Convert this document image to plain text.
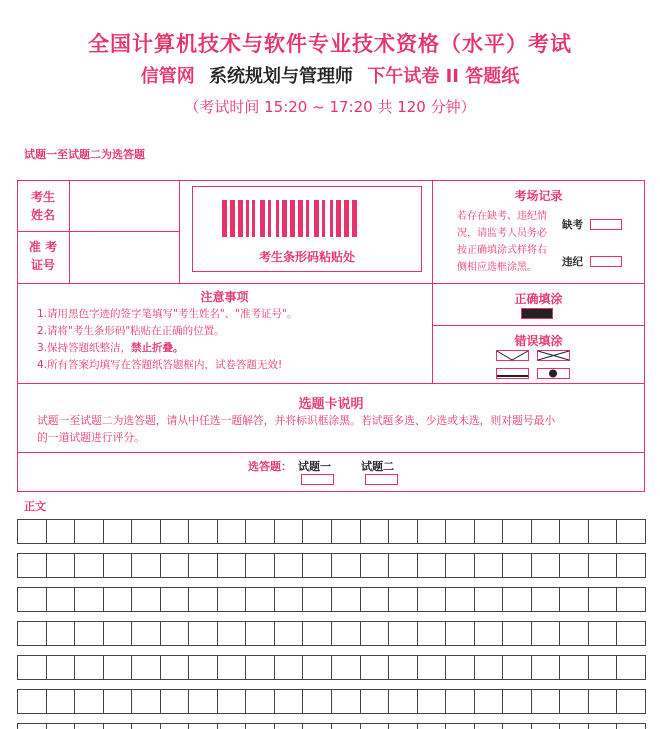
全国计算机技术与软件专业技术资格（水平）考试
信管网 系统规划与管理师 下午试卷 II 答题纸
（考试时间 15:20 ~ 17:20 共 120 分钟）
试题一至试题二为选答题
考生
姓名
准 考
证号
考生条形码粘贴处
考场记录
若存在缺考、违纪情
况，请监考人员务必
按正确填涂式样将右
侧相应选框涂黑。
缺考
违纪
注意事项
1.请用黑色字迹的签字笔填写"考生姓名"、"准考证号"。
2.请将"考生条形码"粘贴在正确的位置。
3.保持答题纸整洁，禁止折叠。
4.所有答案均填写在答题纸答题框内，试卷答题无效!
正确填涂
错误填涂
选题卡说明
试题一至试题二为选答题，请从中任选一题解答，并将标识框涂黑。若试题多选、少选或未选，则对题号最小
的一道试题进行评分。
选答题： 试题一	试题二
正文
